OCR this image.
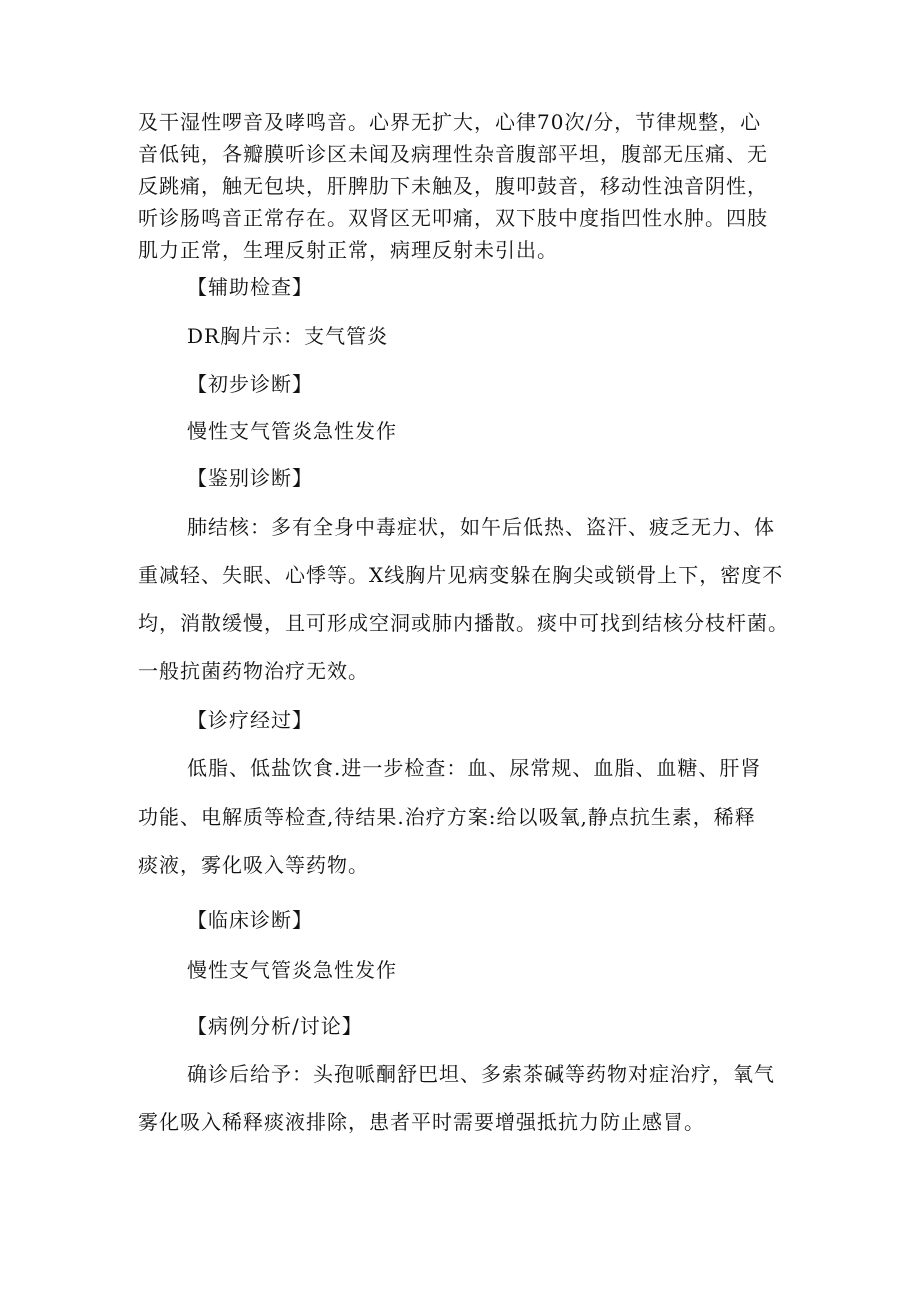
及干湿性啰音及哮鸣音。心界无扩大，心律70次/分，节律规整，心
音低钝，各瓣膜听诊区未闻及病理性杂音腹部平坦，腹部无压痛、无
反跳痛，触无包块，肝脾肋下未触及，腹叩鼓音，移动性浊音阴性，
听诊肠鸣音正常存在。双肾区无叩痛，双下肢中度指凹性水肿。四肢
肌力正常，生理反射正常，病理反射未引出。
【辅助检查】
DR胸片示：支气管炎
【初步诊断】
慢性支气管炎急性发作
【鉴别诊断】
肺结核：多有全身中毒症状，如午后低热、盗汗、疲乏无力、体
重减轻、失眠、心悸等。X线胸片见病变躲在胸尖或锁骨上下，密度不
均，消散缓慢，且可形成空洞或肺内播散。痰中可找到结核分枝杆菌。
一般抗菌药物治疗无效。
【诊疗经过】
低脂、低盐饮食.进一步检查：血、尿常规、血脂、血糖、肝肾
功能、电解质等检查,待结果.治疗方案:给以吸氧,静点抗生素，稀释
痰液，雾化吸入等药物。
【临床诊断】
慢性支气管炎急性发作
【病例分析/讨论】
确诊后给予：头孢哌酮舒巴坦、多索茶碱等药物对症治疗，氧气
雾化吸入稀释痰液排除，患者平时需要增强抵抗力防止感冒。
